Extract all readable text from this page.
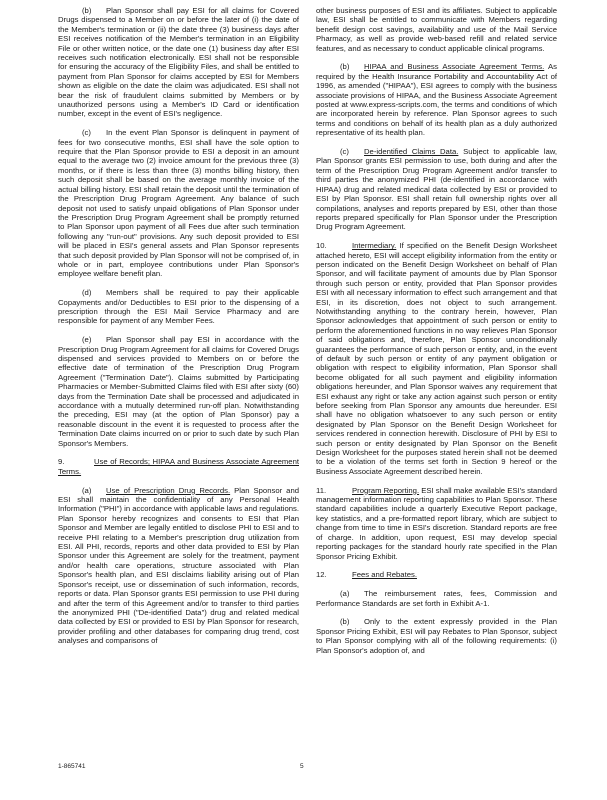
(b) Plan Sponsor shall pay ESI for all claims for Covered Drugs dispensed to a Member on or before the later of (i) the date of the Member's termination or (ii) the date three (3) business days after ESI receives notification of the Member's termination in an Eligibility File or other written notice, or the date one (1) business day after ESI receives such notification electronically. ESI shall not be responsible for ensuring the accuracy of the Eligibility Files, and shall be entitled to payment from Plan Sponsor for claims accepted by ESI for Members shown as eligible on the date the claim was adjudicated. ESI shall not bear the risk of fraudulent claims submitted by Members or by unauthorized persons using a Member's ID Card or identification number, except in the event of ESI's negligence.

(c) In the event Plan Sponsor is delinquent in payment of fees for two consecutive months, ESI shall have the sole option to require that the Plan Sponsor provide to ESI a deposit in an amount equal to the average two (2) invoice amount for the previous three (3) months, or if there is less than three (3) months billing history, then such deposit shall be based on the average monthly invoice of the actual billing history. ESI shall retain the deposit until the termination of the Prescription Drug Program Agreement. Any balance of such deposit not used to satisfy unpaid obligations of Plan Sponsor under the Prescription Drug Program Agreement shall be promptly returned to Plan Sponsor upon payment of all Fees due after such termination following any "run-out" provisions. Any such deposit provided to ESI will be placed in ESI's general assets and Plan Sponsor represents that such deposit provided by Plan Sponsor will not be comprised of, in whole or in part, employee contributions under Plan Sponsor's employee welfare benefit plan.

(d) Members shall be required to pay their applicable Copayments and/or Deductibles to ESI prior to the dispensing of a prescription through the ESI Mail Service Pharmacy and are responsible for payment of any Member Fees.

(e) Plan Sponsor shall pay ESI in accordance with the Prescription Drug Program Agreement for all claims for Covered Drugs dispensed and services provided to Members on or before the effective date of termination of the Prescription Drug Program Agreement ("Termination Date"). Claims submitted by Participating Pharmacies or Member-Submitted Claims filed with ESI after sixty (60) days from the Termination Date shall be processed and adjudicated in accordance with a mutually determined run-off plan. Notwithstanding the preceding, ESI may (at the option of Plan Sponsor) pay a reasonable discount in the event it is requested to process after the Termination Date claims incurred on or prior to such date by such Plan Sponsor's Members.

9.	Use of Records; HIPAA and Business Associate Agreement Terms.

(a) Use of Prescription Drug Records. Plan Sponsor and ESI shall maintain the confidentiality of any Personal Health Information ("PHI") in accordance with applicable laws and regulations. Plan Sponsor hereby recognizes and consents to ESI that Plan Sponsor and Member are legally entitled to disclose PHI to ESI and to receive PHI relating to a Member's prescription drug utilization from ESI. All PHI, records, reports and other data provided to ESI by Plan Sponsor under this Agreement are solely for the treatment, payment and/or health care operations, structure associated with Plan Sponsor's health plan, and ESI disclaims liability arising out of Plan Sponsor's receipt, use or dissemination of such information, records, reports or data. Plan Sponsor grants ESI permission to use PHI during and after the term of this Agreement and/or to transfer to third parties the anonymized PHI ("De-identified Data") drug and related medical data collected by ESI or provided to ESI by Plan Sponsor for research, provider profiling and other databases for comparing drug trend, cost analyses and comparisons of

other business purposes of ESI and its affiliates. Subject to applicable law, ESI shall be entitled to communicate with Members regarding benefit design cost savings, availability and use of the Mail Service Pharmacy, as well as provide web-based refill and related service features, and as necessary to conduct applicable clinical programs.

(b) HIPAA and Business Associate Agreement Terms. As required by the Health Insurance Portability and Accountability Act of 1996, as amended ("HIPAA"), ESI agrees to comply with the business associate provisions of HIPAA, and the Business Associate Agreement posted at www.express-scripts.com, the terms and conditions of which are incorporated herein by reference. Plan Sponsor agrees to such terms and conditions on behalf of its health plan as a duly authorized representative of its health plan.

(c) De-identified Claims Data. Subject to applicable law, Plan Sponsor grants ESI permission to use, both during and after the term of the Prescription Drug Program Agreement and/or transfer to third parties the anonymized PHI (de-identified in accordance with HIPAA) drug and related medical data collected by ESI or provided to ESI by Plan Sponsor. ESI shall retain full ownership rights over all compilations, analyses and reports prepared by ESI, other than those reports prepared specifically for Plan Sponsor under the Prescription Drug Program Agreement.

10.	Intermediary. If specified on the Benefit Design Worksheet attached hereto, ESI will accept eligibility information from the entity or person indicated on the Benefit Design Worksheet on behalf of Plan Sponsor, and will facilitate payment of amounts due by Plan Sponsor through such person or entity, provided that Plan Sponsor provides ESI with all necessary information to effect such arrangement and that ESI, in its discretion, does not object to such arrangement. Notwithstanding anything to the contrary herein, however, Plan Sponsor acknowledges that appointment of such person or entity to perform the aforementioned functions in no way relieves Plan Sponsor of said obligations and, therefore, Plan Sponsor unconditionally guarantees the performance of such person or entity, and, in the event of default by such person or entity of any payment obligation or obligation with respect to eligibility information, Plan Sponsor shall become obligated for all such payment and eligibility information obligations hereunder, and Plan Sponsor waives any requirement that ESI exhaust any right or take any action against such person or entity before seeking from Plan Sponsor any amounts due hereunder. ESI shall have no obligation whatsoever to any such person or entity designated by Plan Sponsor on the Benefit Design Worksheet for services rendered in connection herewith. Disclosure of PHI by ESI to such person or entity designated by Plan Sponsor on the Benefit Design Worksheet for the purposes stated herein shall not be deemed to be a violation of the terms set forth in Section 9 hereof or the Business Associate Agreement described herein.

11.	Program Reporting. ESI shall make available ESI's standard management information reporting capabilities to Plan Sponsor. These standard capabilities include a quarterly Executive Report package, key statistics, and a pre-formatted report library, which are subject to change from time to time in ESI's discretion. Standard reports are free of charge. In addition, upon request, ESI may develop special reporting packages for the standard hourly rate specified in the Plan Sponsor Pricing Exhibit.

12.	Fees and Rebates.

(a) The reimbursement rates, fees, Commission and Performance Standards are set forth in Exhibit A-1.

(b) Only to the extent expressly provided in the Plan Sponsor Pricing Exhibit, ESI will pay Rebates to Plan Sponsor, subject to Plan Sponsor complying with all of the following requirements: (i) Plan Sponsor's adoption of, and

1-865741	5
